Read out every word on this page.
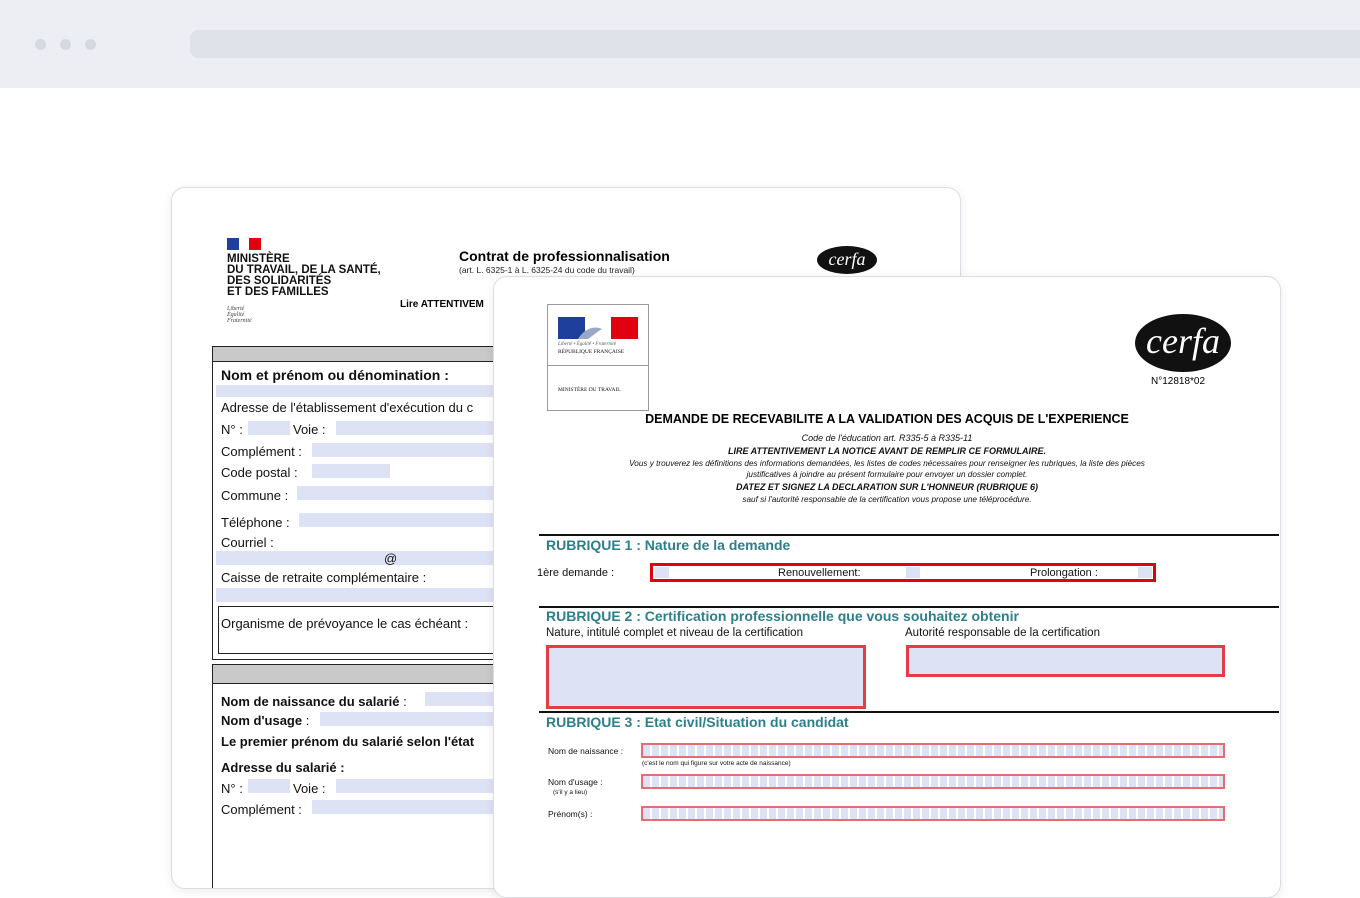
MINISTÈRE
DU TRAVAIL, DE LA SANTÉ,
DES SOLIDARITÉS
ET DES FAMILLES
Liberté
Égalité
Fraternité
Contrat de professionnalisation
(art. L. 6325-1 à L. 6325-24 du code du travail)
Lire ATTENTIVEM
cerfa
Nom et prénom ou dénomination :
Adresse de l'établissement d'exécution du c
N° :	Voie :
Complément :
Code postal :
Commune :
Téléphone :
Courriel :
@
Caisse de retraite complémentaire :
Organisme de prévoyance le cas échéant :
Nom de naissance du salarié :
Nom d'usage :
Le premier prénom du salarié selon l'état
Adresse du salarié :
N° :	Voie :
Complément :
Liberté • Égalité • Fraternité
RÉPUBLIQUE FRANÇAISE
MINISTÈRE DU TRAVAIL
cerfa
N°12818*02
DEMANDE DE RECEVABILITE A LA VALIDATION DES ACQUIS DE L'EXPERIENCE
Code de l'éducation art. R335-5 à R335-11
LIRE ATTENTIVEMENT LA NOTICE AVANT DE REMPLIR CE FORMULAIRE.
Vous y trouverez les définitions des informations demandées, les listes de codes nécessaires pour renseigner les rubriques, la liste des pièces
justificatives à joindre au présent formulaire pour envoyer un dossier complet.
DATEZ ET SIGNEZ LA DECLARATION SUR L'HONNEUR (RUBRIQUE 6)
sauf si l'autorité responsable de la certification vous propose une téléprocédure.
RUBRIQUE 1 : Nature de la demande
1ère demande :	Renouvellement:	Prolongation :
RUBRIQUE 2 : Certification professionnelle que vous souhaitez obtenir
Nature, intitulé complet et niveau de la certification	Autorité responsable de la certification
RUBRIQUE 3 : Etat civil/Situation du candidat
Nom de naissance :
(c'est le nom qui figure sur votre acte de naissance)
Nom d'usage :
(s'il y a lieu)
Prénom(s) :
